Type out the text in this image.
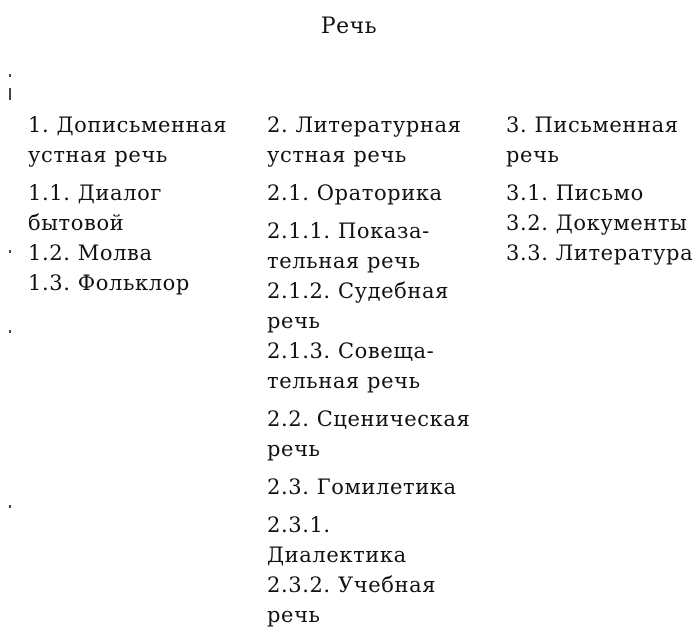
Речь
1. Дописьменная
устная речь
1.1. Диалог
бытовой
1.2. Молва
1.3. Фольклор
2. Литературная
устная речь
2.1. Ораторика
2.1.1. Показа-
тельная речь
2.1.2. Судебная
речь
2.1.3. Совеща-
тельная речь
2.2. Сценическая
речь
2.3. Гомилетика
2.3.1.
Диалектика
2.3.2. Учебная
речь
3. Письменная
речь
3.1. Письмо
3.2. Документы
3.3. Литература
